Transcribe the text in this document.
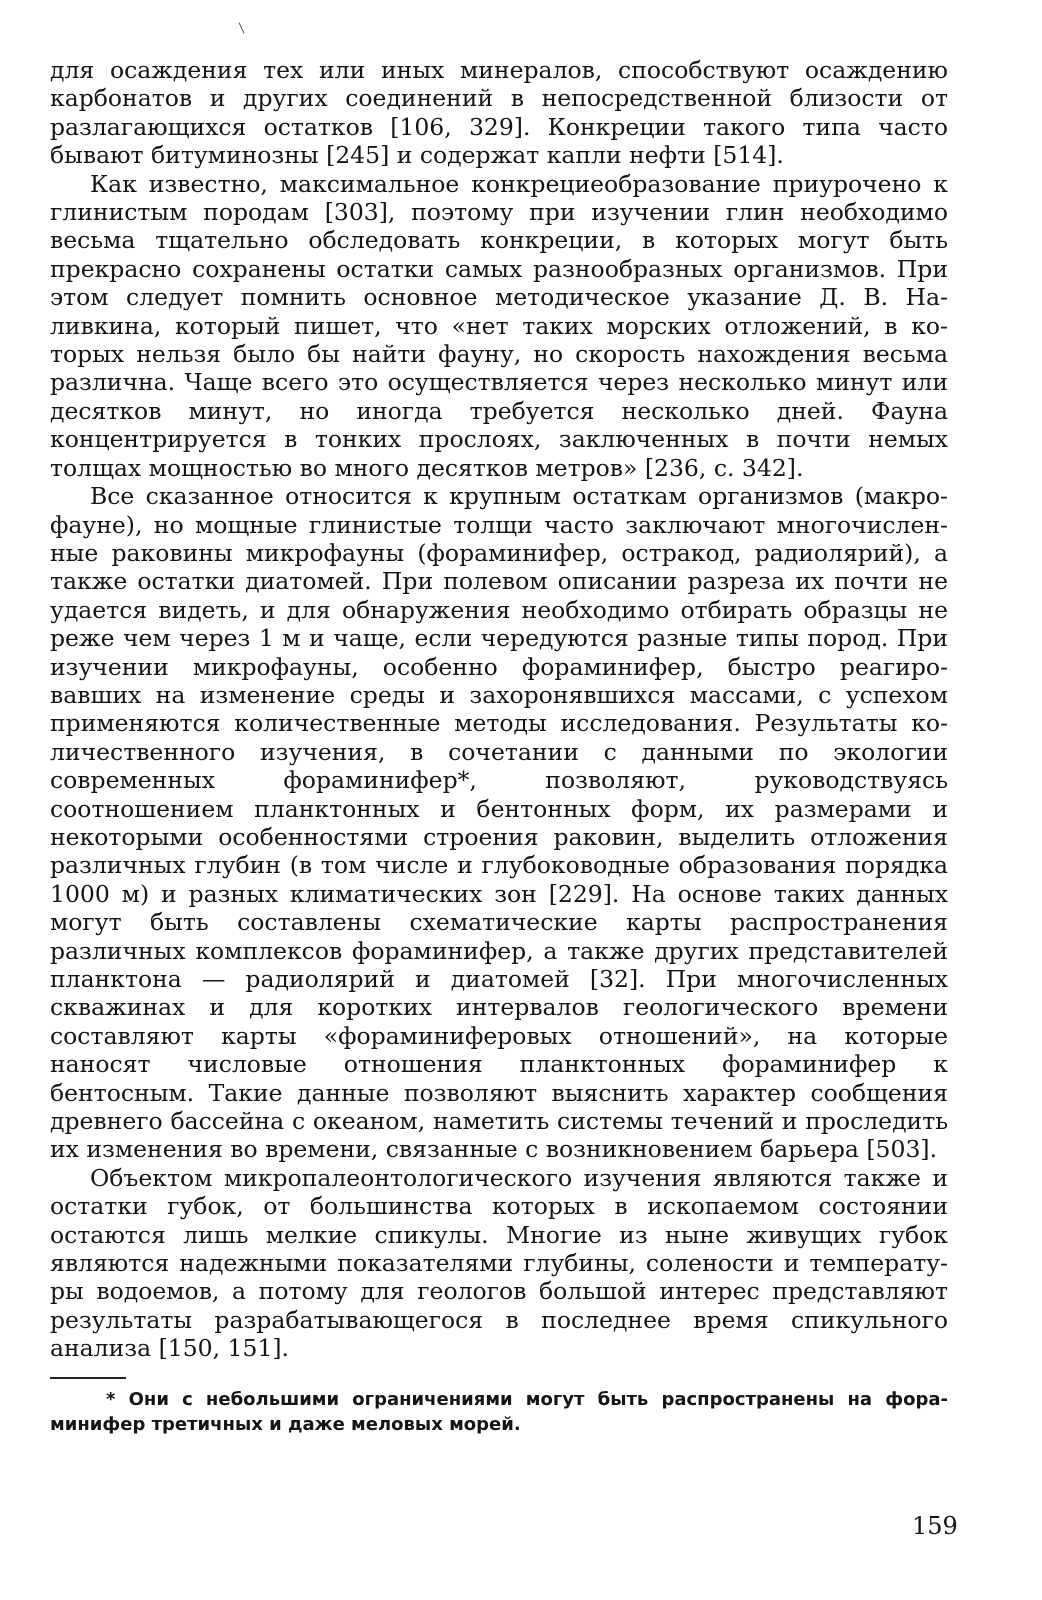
для осаждения тех или иных минералов, способствуют осаждению карбонатов и других соединений в непосредственной близости от разлагающихся остатков [106, 329]. Конкреции такого типа часто бывают битуминозны [245] и содержат капли нефти [514].

Как известно, максимальное конкрециеобразование приурочено к глинистым породам [303], поэтому при изучении глин необходимо весьма тщательно обследовать конкреции, в которых могут быть прекрасно сохранены остатки самых разнообразных организмов. При этом следует помнить основное методическое указание Д. В. Наливкина, который пишет, что «нет таких морских отложений, в которых нельзя было бы найти фауну, но скорость нахождения весьма различна. Чаще всего это осуществляется через несколько минут или десятков минут, но иногда требуется несколько дней. Фауна концентрируется в тонких прослоях, заключенных в почти немых толщах мощностью во много десятков метров» [236, с. 342].

Все сказанное относится к крупным остаткам организмов (макрофауне), но мощные глинистые толщи часто заключают многочисленные раковины микрофауны (фораминифер, остракод, радиолярий), а также остатки диатомей. При полевом описании разреза их почти не удается видеть, и для обнаружения необходимо отбирать образцы не реже чем через 1 м и чаще, если чередуются разные типы пород. При изучении микрофауны, особенно фораминифер, быстро реагировавших на изменение среды и захоронявшихся массами, с успехом применяются количественные методы исследования. Результаты количественного изучения, в сочетании с данными по экологии современных фораминифер*, позволяют, руководствуясь соотношением планктонных и бентонных форм, их размерами и некоторыми особенностями строения раковин, выделить отложения различных глубин (в том числе и глубоководные образования порядка 1000 м) и разных климатических зон [229]. На основе таких данных могут быть составлены схематические карты распространения различных комплексов фораминифер, а также других представителей планктона — радиолярий и диатомей [32]. При многочисленных скважинах и для коротких интервалов геологического времени составляют карты «фораминиферовых отношений», на которые наносят числовые отношения планктонных фораминифер к бентосным. Такие данные позволяют выяснить характер сообщения древнего бассейна с океаном, наметить системы течений и проследить их изменения во времени, связанные с возникновением барьера [503].

Объектом микропалеонтологического изучения являются также и остатки губок, от большинства которых в ископаемом состоянии остаются лишь мелкие спикулы. Многие из ныне живущих губок являются надежными показателями глубины, солености и температуры водоемов, а потому для геологов большой интерес представляют результаты разрабатывающегося в последнее время спикульного анализа [150, 151].

* Они с небольшими ограничениями могут быть распространены на фораминифер третичных и даже меловых морей.

159
